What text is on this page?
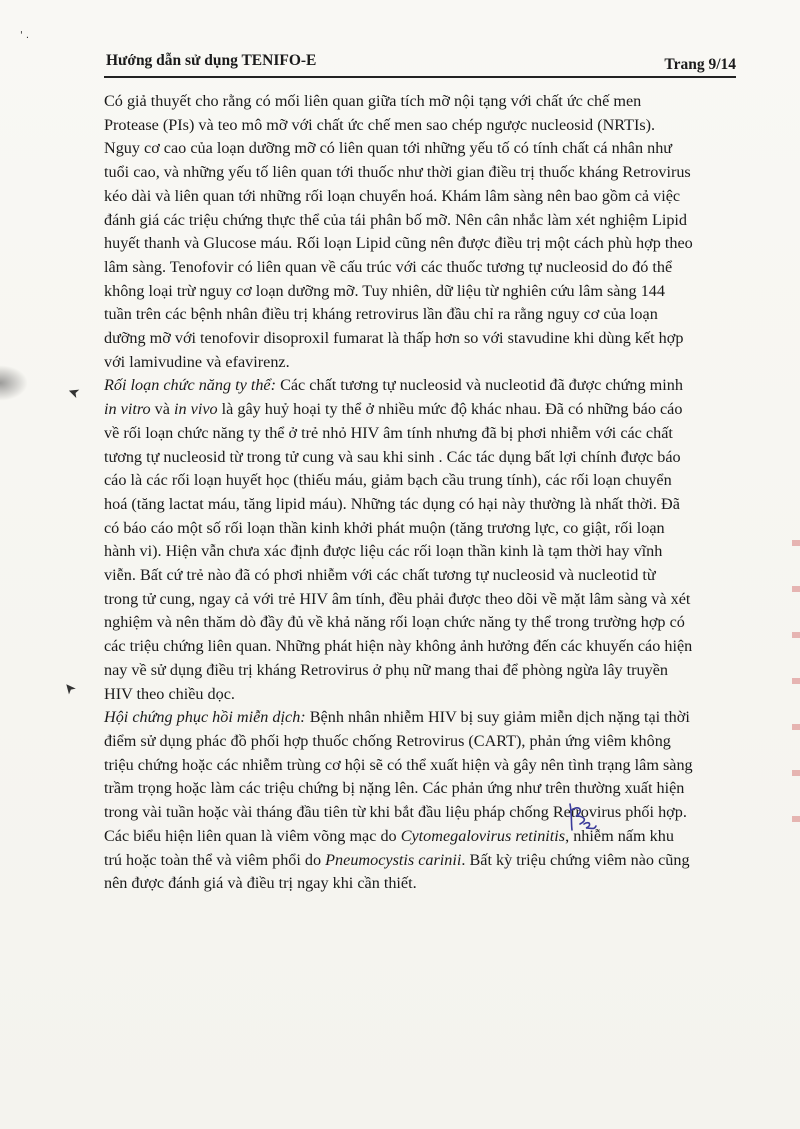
' .
Hướng dẫn sử dụng TENIFO-E	Trang 9/14

Có giả thuyết cho rằng có mối liên quan giữa tích mỡ nội tạng với chất ức chế men
Protease (PIs) và teo mô mỡ với chất ức chế men sao chép ngược nucleosid (NRTIs).
Nguy cơ cao của loạn dưỡng mỡ có liên quan tới những yếu tố có tính chất cá nhân như
tuổi cao, và những yếu tố liên quan tới thuốc như thời gian điều trị thuốc kháng Retrovirus
kéo dài và liên quan tới những rối loạn chuyển hoá. Khám lâm sàng nên bao gồm cả việc
đánh giá các triệu chứng thực thể của tái phân bố mỡ. Nên cân nhắc làm xét nghiệm Lipid
huyết thanh và Glucose máu. Rối loạn Lipid cũng nên được điều trị một cách phù hợp theo
lâm sàng. Tenofovir có liên quan về cấu trúc với các thuốc tương tự nucleosid do đó thể
không loại trừ nguy cơ loạn dưỡng mỡ. Tuy nhiên, dữ liệu từ nghiên cứu lâm sàng 144
tuần trên các bệnh nhân điều trị kháng retrovirus lần đầu chỉ ra rằng nguy cơ của loạn
dưỡng mỡ với tenofovir disoproxil fumarat là thấp hơn so với stavudine khi dùng kết hợp
với lamivudine và efavirenz.

Rối loạn chức năng ty thể: Các chất tương tự nucleosid và nucleotid đã được chứng minh
in vitro và in vivo là gây huỷ hoại ty thể ở nhiều mức độ khác nhau. Đã có những báo cáo
về rối loạn chức năng ty thể ở trẻ nhỏ HIV âm tính nhưng đã bị phơi nhiễm với các chất
tương tự nucleosid từ trong tử cung và sau khi sinh . Các tác dụng bất lợi chính được báo
cáo là các rối loạn huyết học (thiếu máu, giảm bạch cầu trung tính), các rối loạn chuyển
hoá (tăng lactat máu, tăng lipid máu). Những tác dụng có hại này thường là nhất thời. Đã
có báo cáo một số rối loạn thần kinh khởi phát muộn (tăng trương lực, co giật, rối loạn
hành vi). Hiện vẫn chưa xác định được liệu các rối loạn thần kinh là tạm thời hay vĩnh
viễn. Bất cứ trẻ nào đã có phơi nhiễm với các chất tương tự nucleosid và nucleotid từ
trong tử cung, ngay cả với trẻ HIV âm tính, đều phải được theo dõi về mặt lâm sàng và xét
nghiệm và nên thăm dò đầy đủ về khả năng rối loạn chức năng ty thể trong trường hợp có
các triệu chứng liên quan. Những phát hiện này không ảnh hưởng đến các khuyến cáo hiện
nay về sử dụng điều trị kháng Retrovirus ở phụ nữ mang thai để phòng ngừa lây truyền
HIV theo chiều dọc.

Hội chứng phục hồi miễn dịch: Bệnh nhân nhiễm HIV bị suy giảm miễn dịch nặng tại thời
điểm sử dụng phác đồ phối hợp thuốc chống Retrovirus (CART), phản ứng viêm không
triệu chứng hoặc các nhiễm trùng cơ hội sẽ có thể xuất hiện và gây nên tình trạng lâm sàng
trầm trọng hoặc làm các triệu chứng bị nặng lên. Các phản ứng như trên thường xuất hiện
trong vài tuần hoặc vài tháng đầu tiên từ khi bắt đầu liệu pháp chống Retrovirus phối hợp.
Các biểu hiện liên quan là viêm võng mạc do Cytomegalovirus retinitis, nhiễm nấm khu
trú hoặc toàn thể và viêm phổi do Pneumocystis carinii. Bất kỳ triệu chứng viêm nào cũng
nên được đánh giá và điều trị ngay khi cần thiết.

➤
➤
